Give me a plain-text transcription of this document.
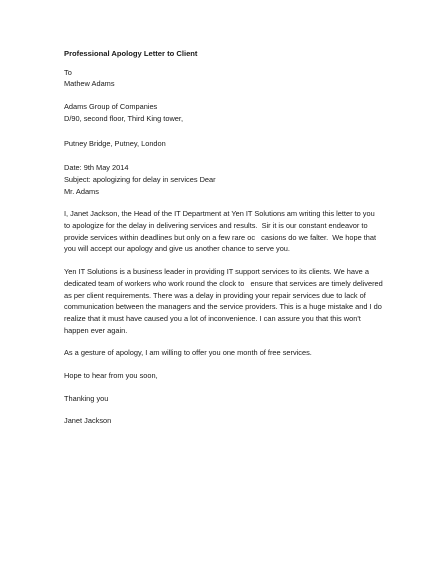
Professional Apology Letter to Client
To
Mathew Adams
Adams Group of Companies
D/90, second floor, Third King tower,
Putney Bridge, Putney, London
Date: 9th May 2014
Subject: apologizing for delay in services Dear
Mr. Adams
I, Janet Jackson, the Head of the IT Department at Yen IT Solutions am writing this letter to you
to apologize for the delay in delivering services and results.  Sir it is our constant endeavor to
provide services within deadlines but only on a few rare oc   casions do we falter.  We hope that
you will accept our apology and give us another chance to serve you.
Yen IT Solutions is a business leader in providing IT support services to its clients. We have a
dedicated team of workers who work round the clock to   ensure that services are timely delivered
as per client requirements. There was a delay in providing your repair services due to lack of
communication between the managers and the service providers. This is a huge mistake and I do
realize that it must have caused you a lot of inconvenience. I can assure you that this won't
happen ever again.
As a gesture of apology, I am willing to offer you one month of free services.
Hope to hear from you soon,
Thanking you
Janet Jackson
